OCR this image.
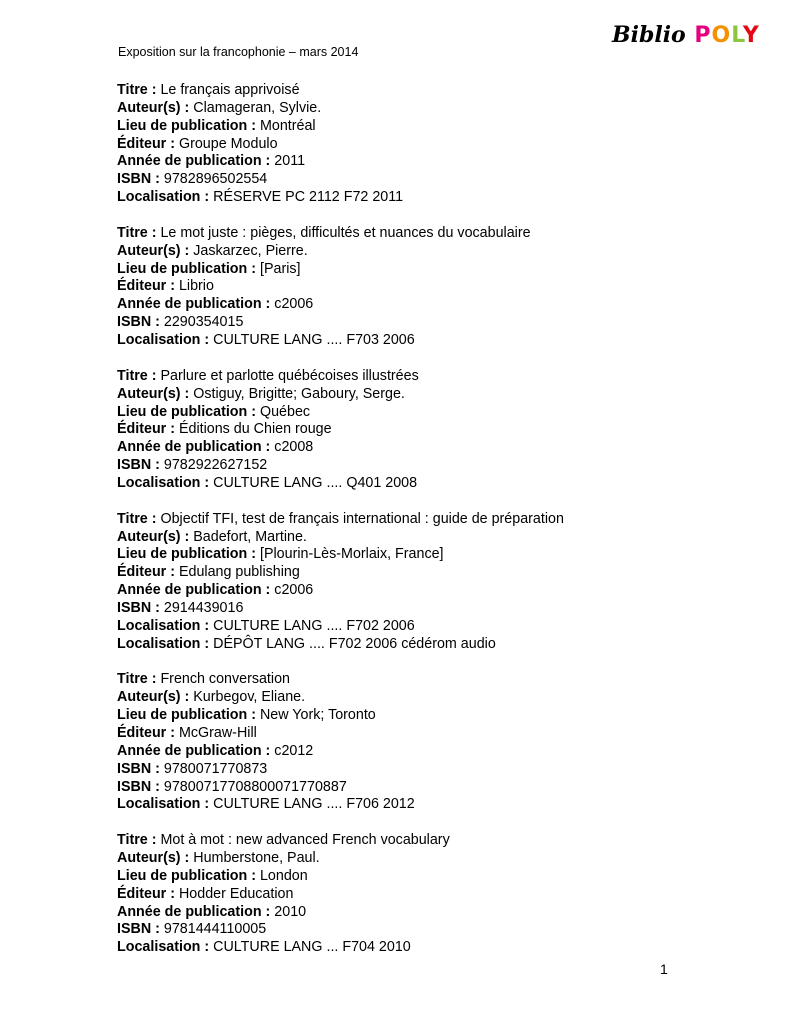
Exposition sur la francophonie – mars 2014
Biblio POLY
Titre : Le français apprivoisé
Auteur(s) : Clamageran, Sylvie.
Lieu de publication : Montréal
Éditeur : Groupe Modulo
Année de publication : 2011
ISBN : 9782896502554
Localisation : RÉSERVE PC 2112 F72 2011
Titre : Le mot juste : pièges, difficultés et nuances du vocabulaire
Auteur(s) : Jaskarzec, Pierre.
Lieu de publication : [Paris]
Éditeur : Librio
Année de publication : c2006
ISBN : 2290354015
Localisation : CULTURE LANG .... F703 2006
Titre : Parlure et parlotte québécoises illustrées
Auteur(s) : Ostiguy, Brigitte; Gaboury, Serge.
Lieu de publication : Québec
Éditeur : Éditions du Chien rouge
Année de publication : c2008
ISBN : 9782922627152
Localisation : CULTURE LANG .... Q401 2008
Titre : Objectif TFI, test de français international : guide de préparation
Auteur(s) : Badefort, Martine.
Lieu de publication : [Plourin-Lès-Morlaix, France]
Éditeur : Edulang publishing
Année de publication : c2006
ISBN : 2914439016
Localisation : CULTURE LANG .... F702 2006
Localisation : DÉPÔT LANG .... F702 2006 cédérom audio
Titre : French conversation
Auteur(s) : Kurbegov, Eliane.
Lieu de publication : New York; Toronto
Éditeur : McGraw-Hill
Année de publication : c2012
ISBN : 9780071770873
ISBN : 97800717708800071770887
Localisation : CULTURE LANG .... F706 2012
Titre : Mot à mot : new advanced French vocabulary
Auteur(s) : Humberstone, Paul.
Lieu de publication : London
Éditeur : Hodder Education
Année de publication : 2010
ISBN : 9781444110005
Localisation : CULTURE LANG ... F704 2010
1
